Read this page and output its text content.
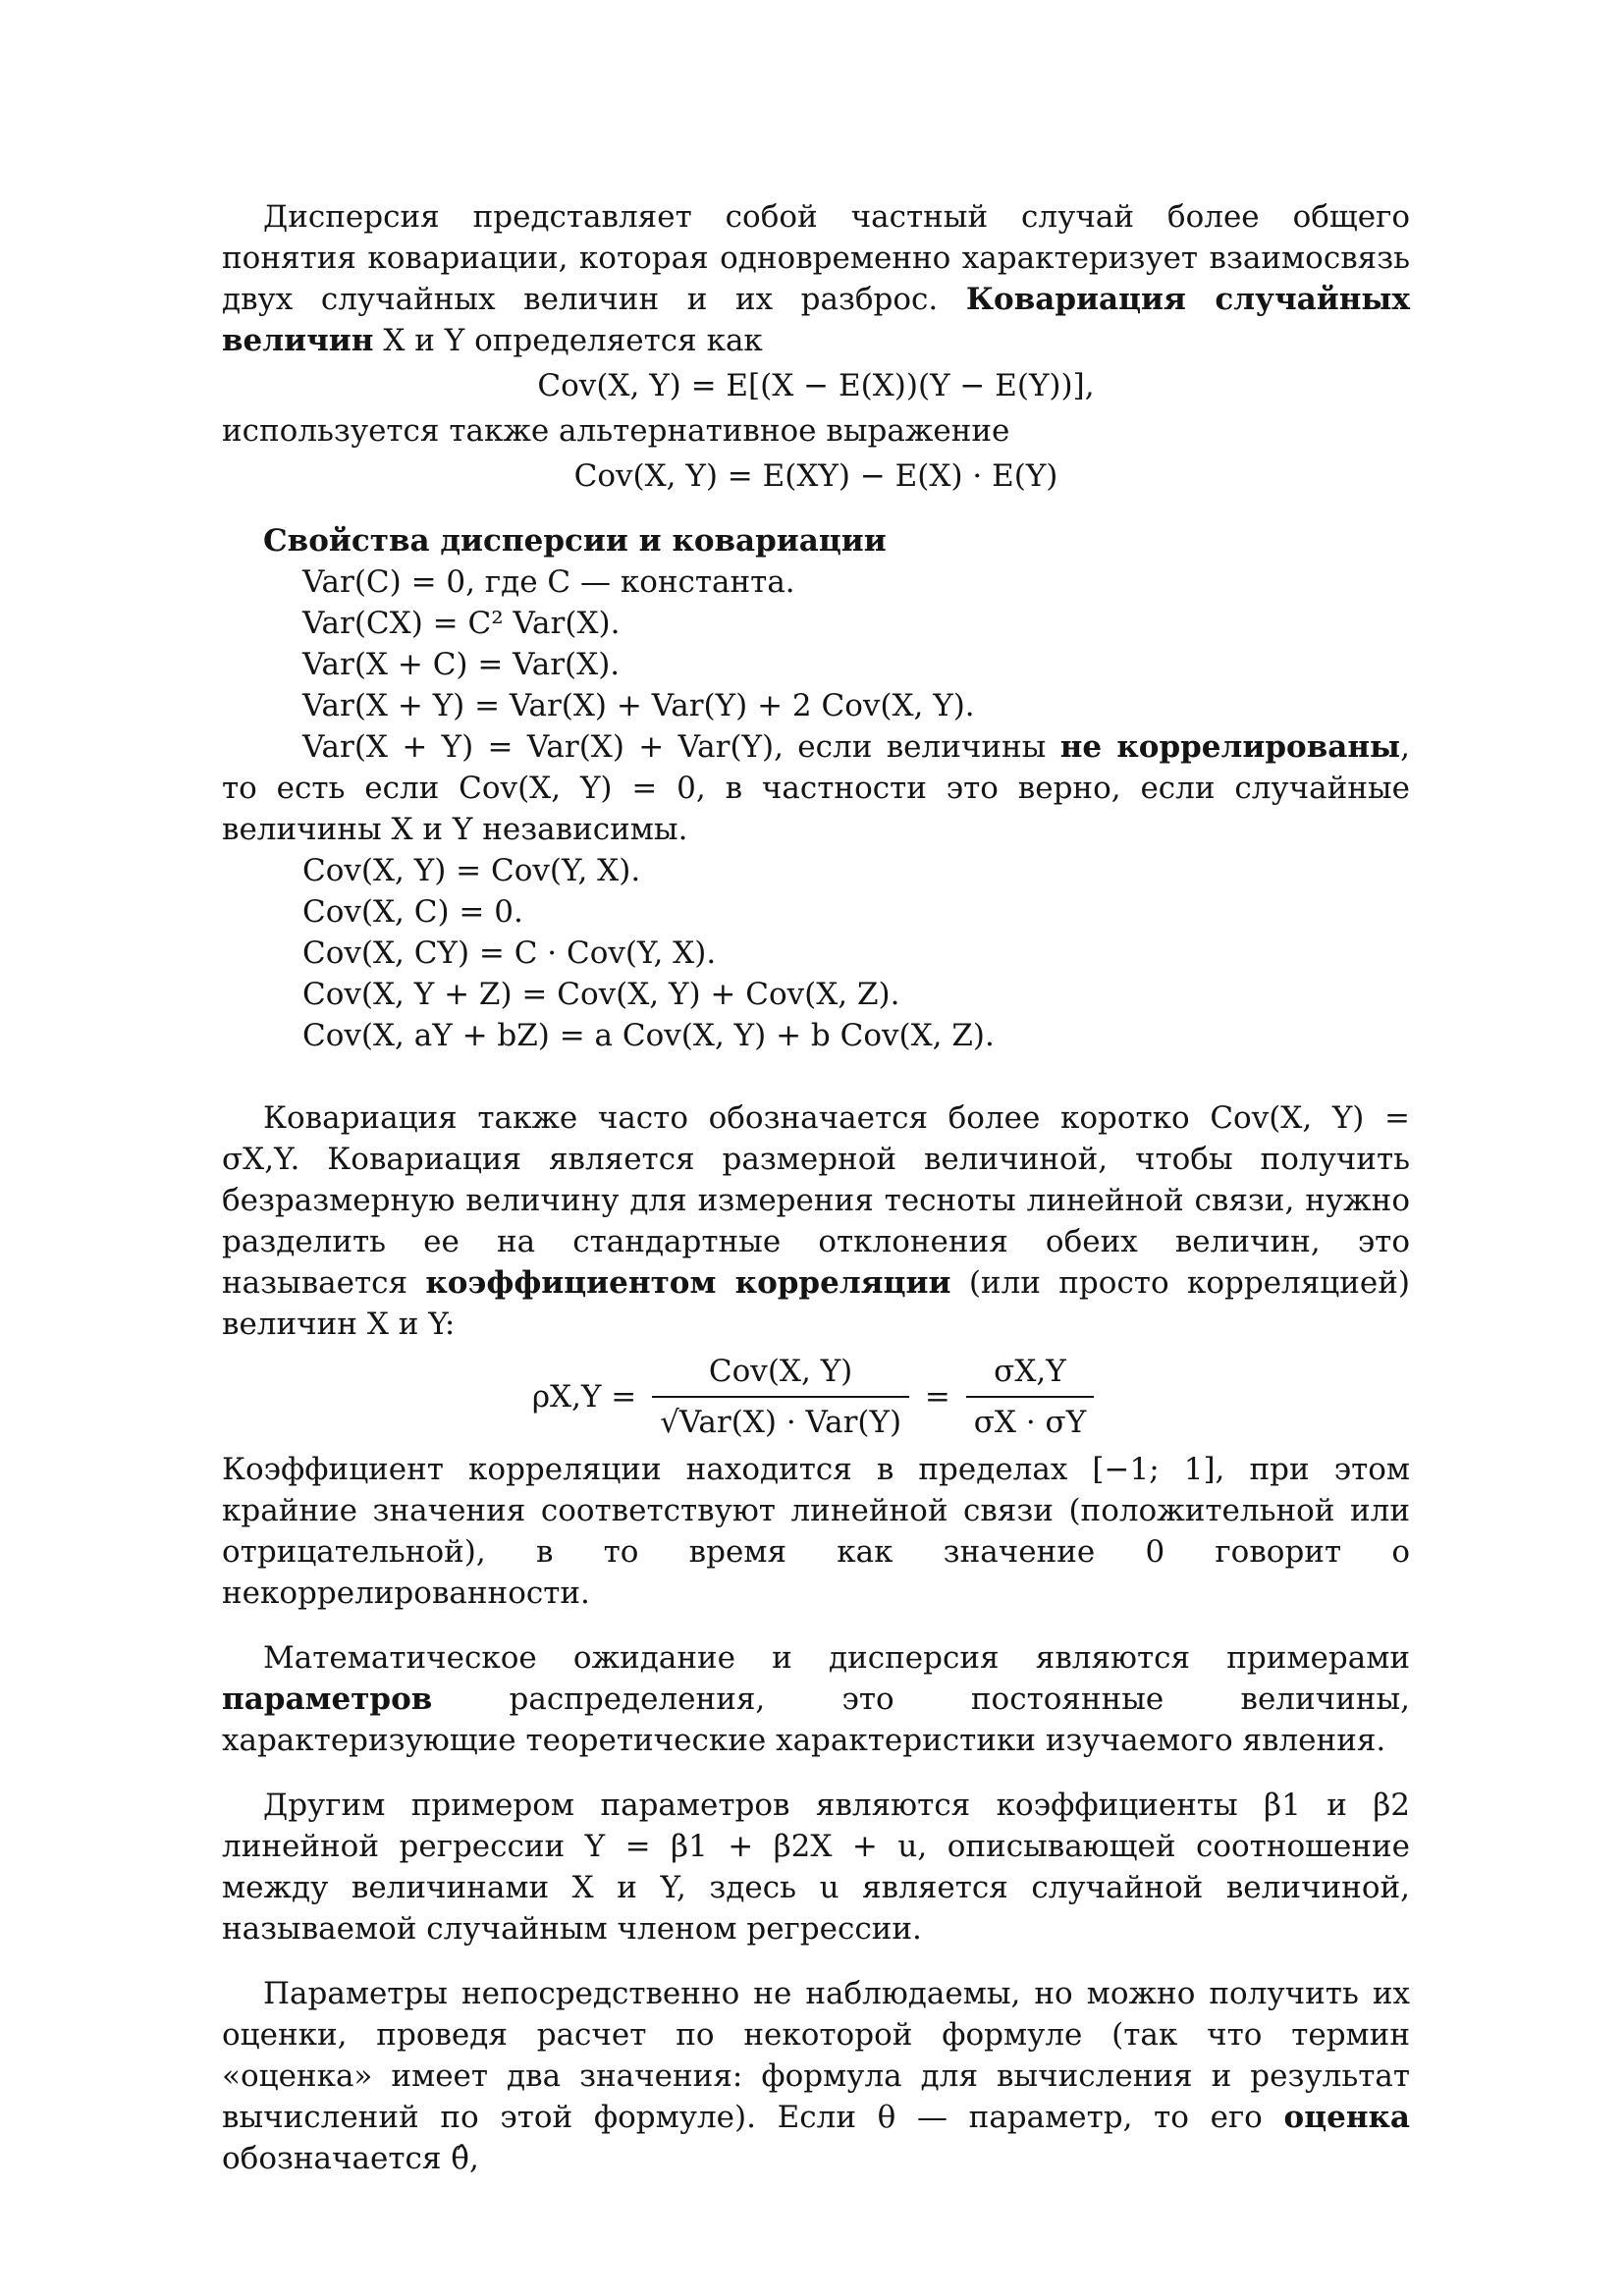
Дисперсия представляет собой частный случай более общего понятия ковариации, которая одновременно характеризует взаимосвязь двух случайных величин и их разброс. Ковариация случайных величин X и Y определяется как

Cov(X, Y) = E[(X − E(X))(Y − E(Y))],

используется также альтернативное выражение

Cov(X, Y) = E(XY) − E(X) · E(Y)

Свойства дисперсии и ковариации

Var(C) = 0, где C — константа.

Var(CX) = C² Var(X).

Var(X + C) = Var(X).

Var(X + Y) = Var(X) + Var(Y) + 2 Cov(X, Y).

Var(X + Y) = Var(X) + Var(Y), если величины не коррелированы, то есть если Cov(X, Y) = 0, в частности это верно, если случайные величины X и Y независимы.

Cov(X, Y) = Cov(Y, X).

Cov(X, C) = 0.

Cov(X, CY) = C · Cov(Y, X).

Cov(X, Y + Z) = Cov(X, Y) + Cov(X, Z).

Cov(X, aY + bZ) = a Cov(X, Y) + b Cov(X, Z).

Ковариация также часто обозначается более коротко Cov(X, Y) = σX,Y. Ковариация является размерной величиной, чтобы получить безразмерную величину для измерения тесноты линейной связи, нужно разделить ее на стандартные отклонения обеих величин, это называется коэффициентом корреляции (или просто корреляцией) величин X и Y:

$\rho X,Y = \frac{\text{Cov(X, Y)}}{\text{√Var(X) · Var(Y)}} = \frac{\sigma X,Y}{\sigma X \cdot \sigma Y}$

Коэффициент корреляции находится в пределах [−1; 1], при этом крайние значения соответствуют линейной связи (положительной или отрицательной), в то время как значение 0 говорит о некоррелированности.

Математическое ожидание и дисперсия являются примерами параметров распределения, это постоянные величины, характеризующие теоретические характеристики изучаемого явления.

Другим примером параметров являются коэффициенты β1 и β2 линейной регрессии Y = β1 + β2X + u, описывающей соотношение между величинами X и Y, здесь u является случайной величиной, называемой случайным членом регрессии.

Параметры непосредственно не наблюдаемы, но можно получить их оценки, проведя расчет по некоторой формуле (так что термин «оценка» имеет два значения: формула для вычисления и результат вычислений по этой формуле). Если θ — параметр, то его оценка обозначается θ̂,
